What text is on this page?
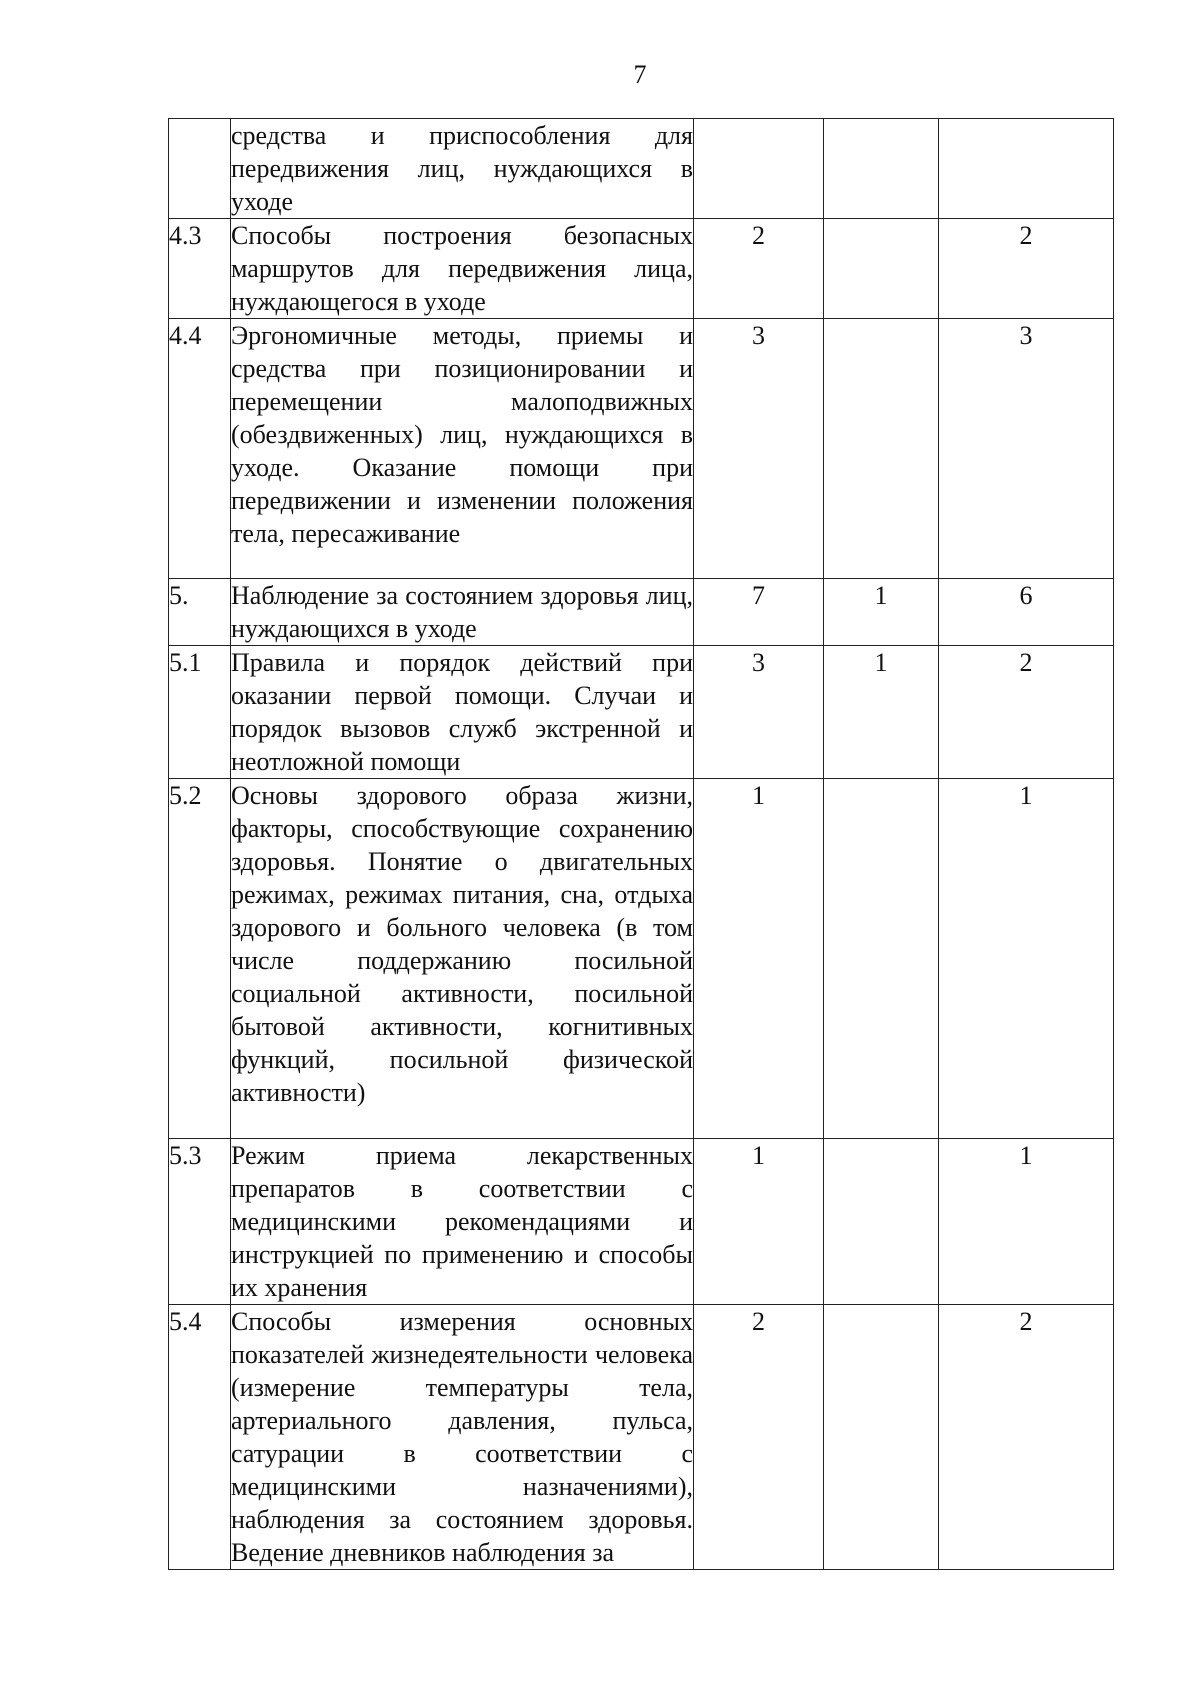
7
	средства и приспособления для передвижения лиц, нуждающихся в уходе			
4.3	Способы построения безопасных маршрутов для передвижения лица, нуждающегося в уходе	2		2
4.4	Эргономичные методы, приемы и средства при позиционировании и перемещении малоподвижных (обездвиженных) лиц, нуждающихся в уходе. Оказание помощи при передвижении и изменении положения тела, пересаживание	3		3
5.	Наблюдение за состоянием здоровья лиц, нуждающихся в уходе	7	1	6
5.1	Правила и порядок действий при оказании первой помощи. Случаи и порядок вызовов служб экстренной и неотложной помощи	3	1	2
5.2	Основы здорового образа жизни, факторы, способствующие сохранению здоровья. Понятие о двигательных режимах, режимах питания, сна, отдыха здорового и больного человека (в том числе поддержанию посильной социальной активности, посильной бытовой активности, когнитивных функций, посильной физической активности)	1		1
5.3	Режим приема лекарственных препаратов в соответствии с медицинскими рекомендациями и инструкцией по применению и способы их хранения	1		1
5.4	Способы измерения основных показателей жизнедеятельности человека (измерение температуры тела, артериального давления, пульса, сатурации в соответствии с медицинскими назначениями), наблюдения за состоянием здоровья. Ведение дневников наблюдения за	2		2
